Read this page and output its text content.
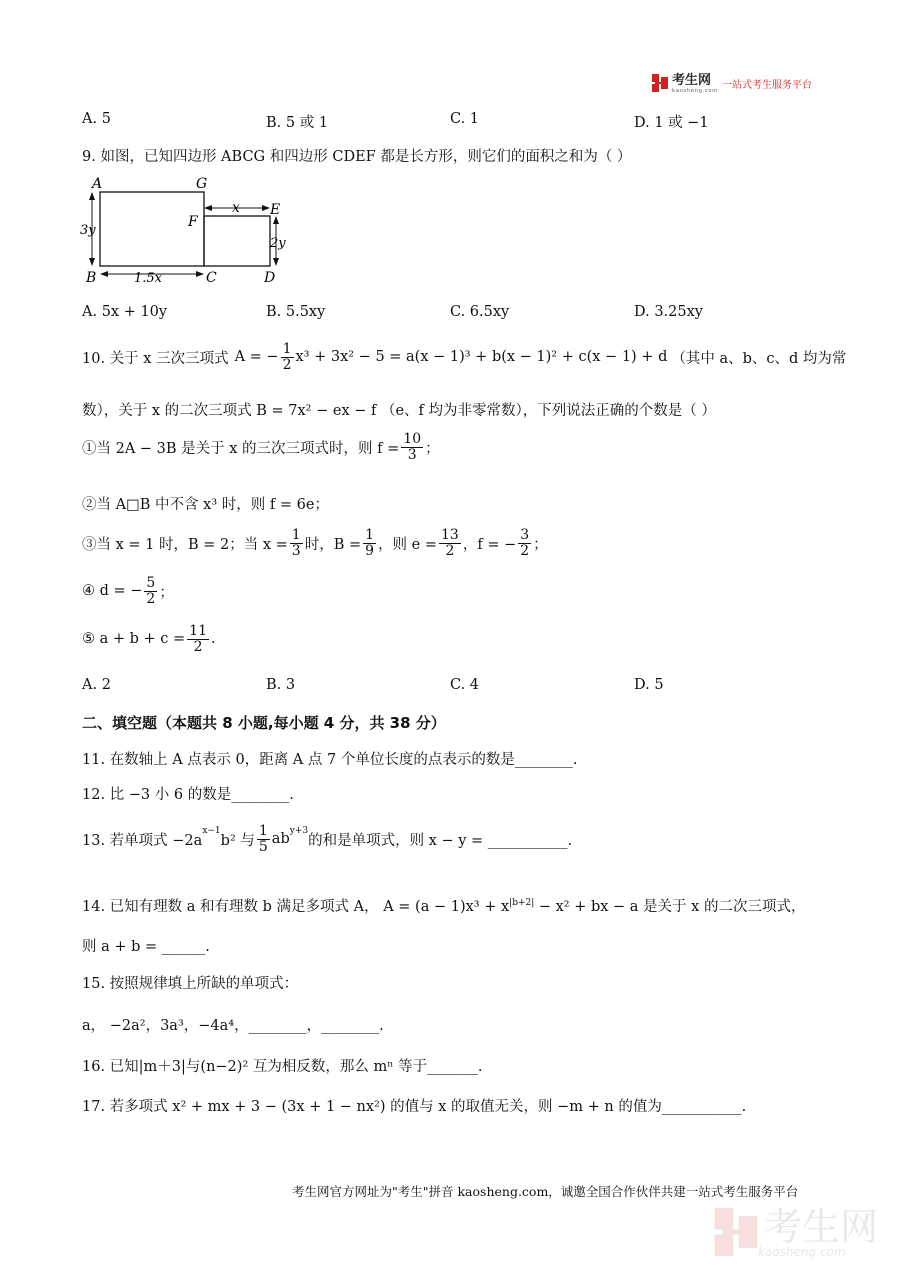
考生网
kaosheng.com
一站式考生服务平台
A. 5	B. 5 或 1	C. 1	D. 1 或 −1
9. 如图，已知四边形 ABCG 和四边形 CDEF 都是长方形，则它们的面积之和为（ ）
A	G
F
E
B	C	D
x
3y
2y
1.5x
A. 5x + 10y	B. 5.5xy	C. 6.5xy	D. 3.25xy
10. 关于 x 三次三项式 A = − $\frac{1}{2} x^3 + 3x^2 - 5 = a(x - 1)^3 + b(x - 1)^2 + c(x - 1) + d$ （其中 a、b、c、d 均为常
数），关于 x 的二次三项式 B = 7x² − ex − f （e、f 均为非零常数），下列说法正确的个数是（ ）
①当 2A − 3B 是关于 x 的三次三项式时，则 $f = \frac{10}{3}$ ；
②当 A□B 中不含 x³ 时，则 f = 6e；
③当 x = 1 时，B = 2；当 $x = \frac{1}{3}$ 时，$B = \frac{1}{9}$ ，则 $e = \frac{13}{2}$ ，f = − $\frac{3}{2}$ ；
④ d = − $\frac{5}{2}$ ；
⑤ $a + b + c = \frac{11}{2}$ .
A. 2	B. 3	C. 4	D. 5
二、填空题（本题共 8 小题,每小题 4 分，共 38 分）
11. 在数轴上 A 点表示 0，距离 A 点 7 个单位长度的点表示的数是________.
12. 比 −3 小 6 的数是________.
13. 若单项式 −2a
$^{x-1}$
b² 与 $\frac{1}{5} ab^{y+3}$
的和是单项式，则 x − y = ___________.
14. 已知有理数 a 和有理数 b 满足多项式 A， $A = (a - 1)x^3 + x^{|b+2|} - x^2$ + bx − a 是关于 x 的二次三项式，
则 a + b = ______.
15. 按照规律填上所缺的单项式：
a， −2a²，3a³，−4a⁴，________，________.
16. 已知|m＋3|与(n−2)² 互为相反数，那么 mⁿ 等于_______.
17. 若多项式 x² + mx + 3 − (3x + 1 − nx²) 的值与 x 的取值无关，则 −m + n 的值为___________.
考生网官方网址为"考生"拼音 kaosheng.com，诚邀全国合作伙伴共建一站式考生服务平台
考生网
kaosheng.com
